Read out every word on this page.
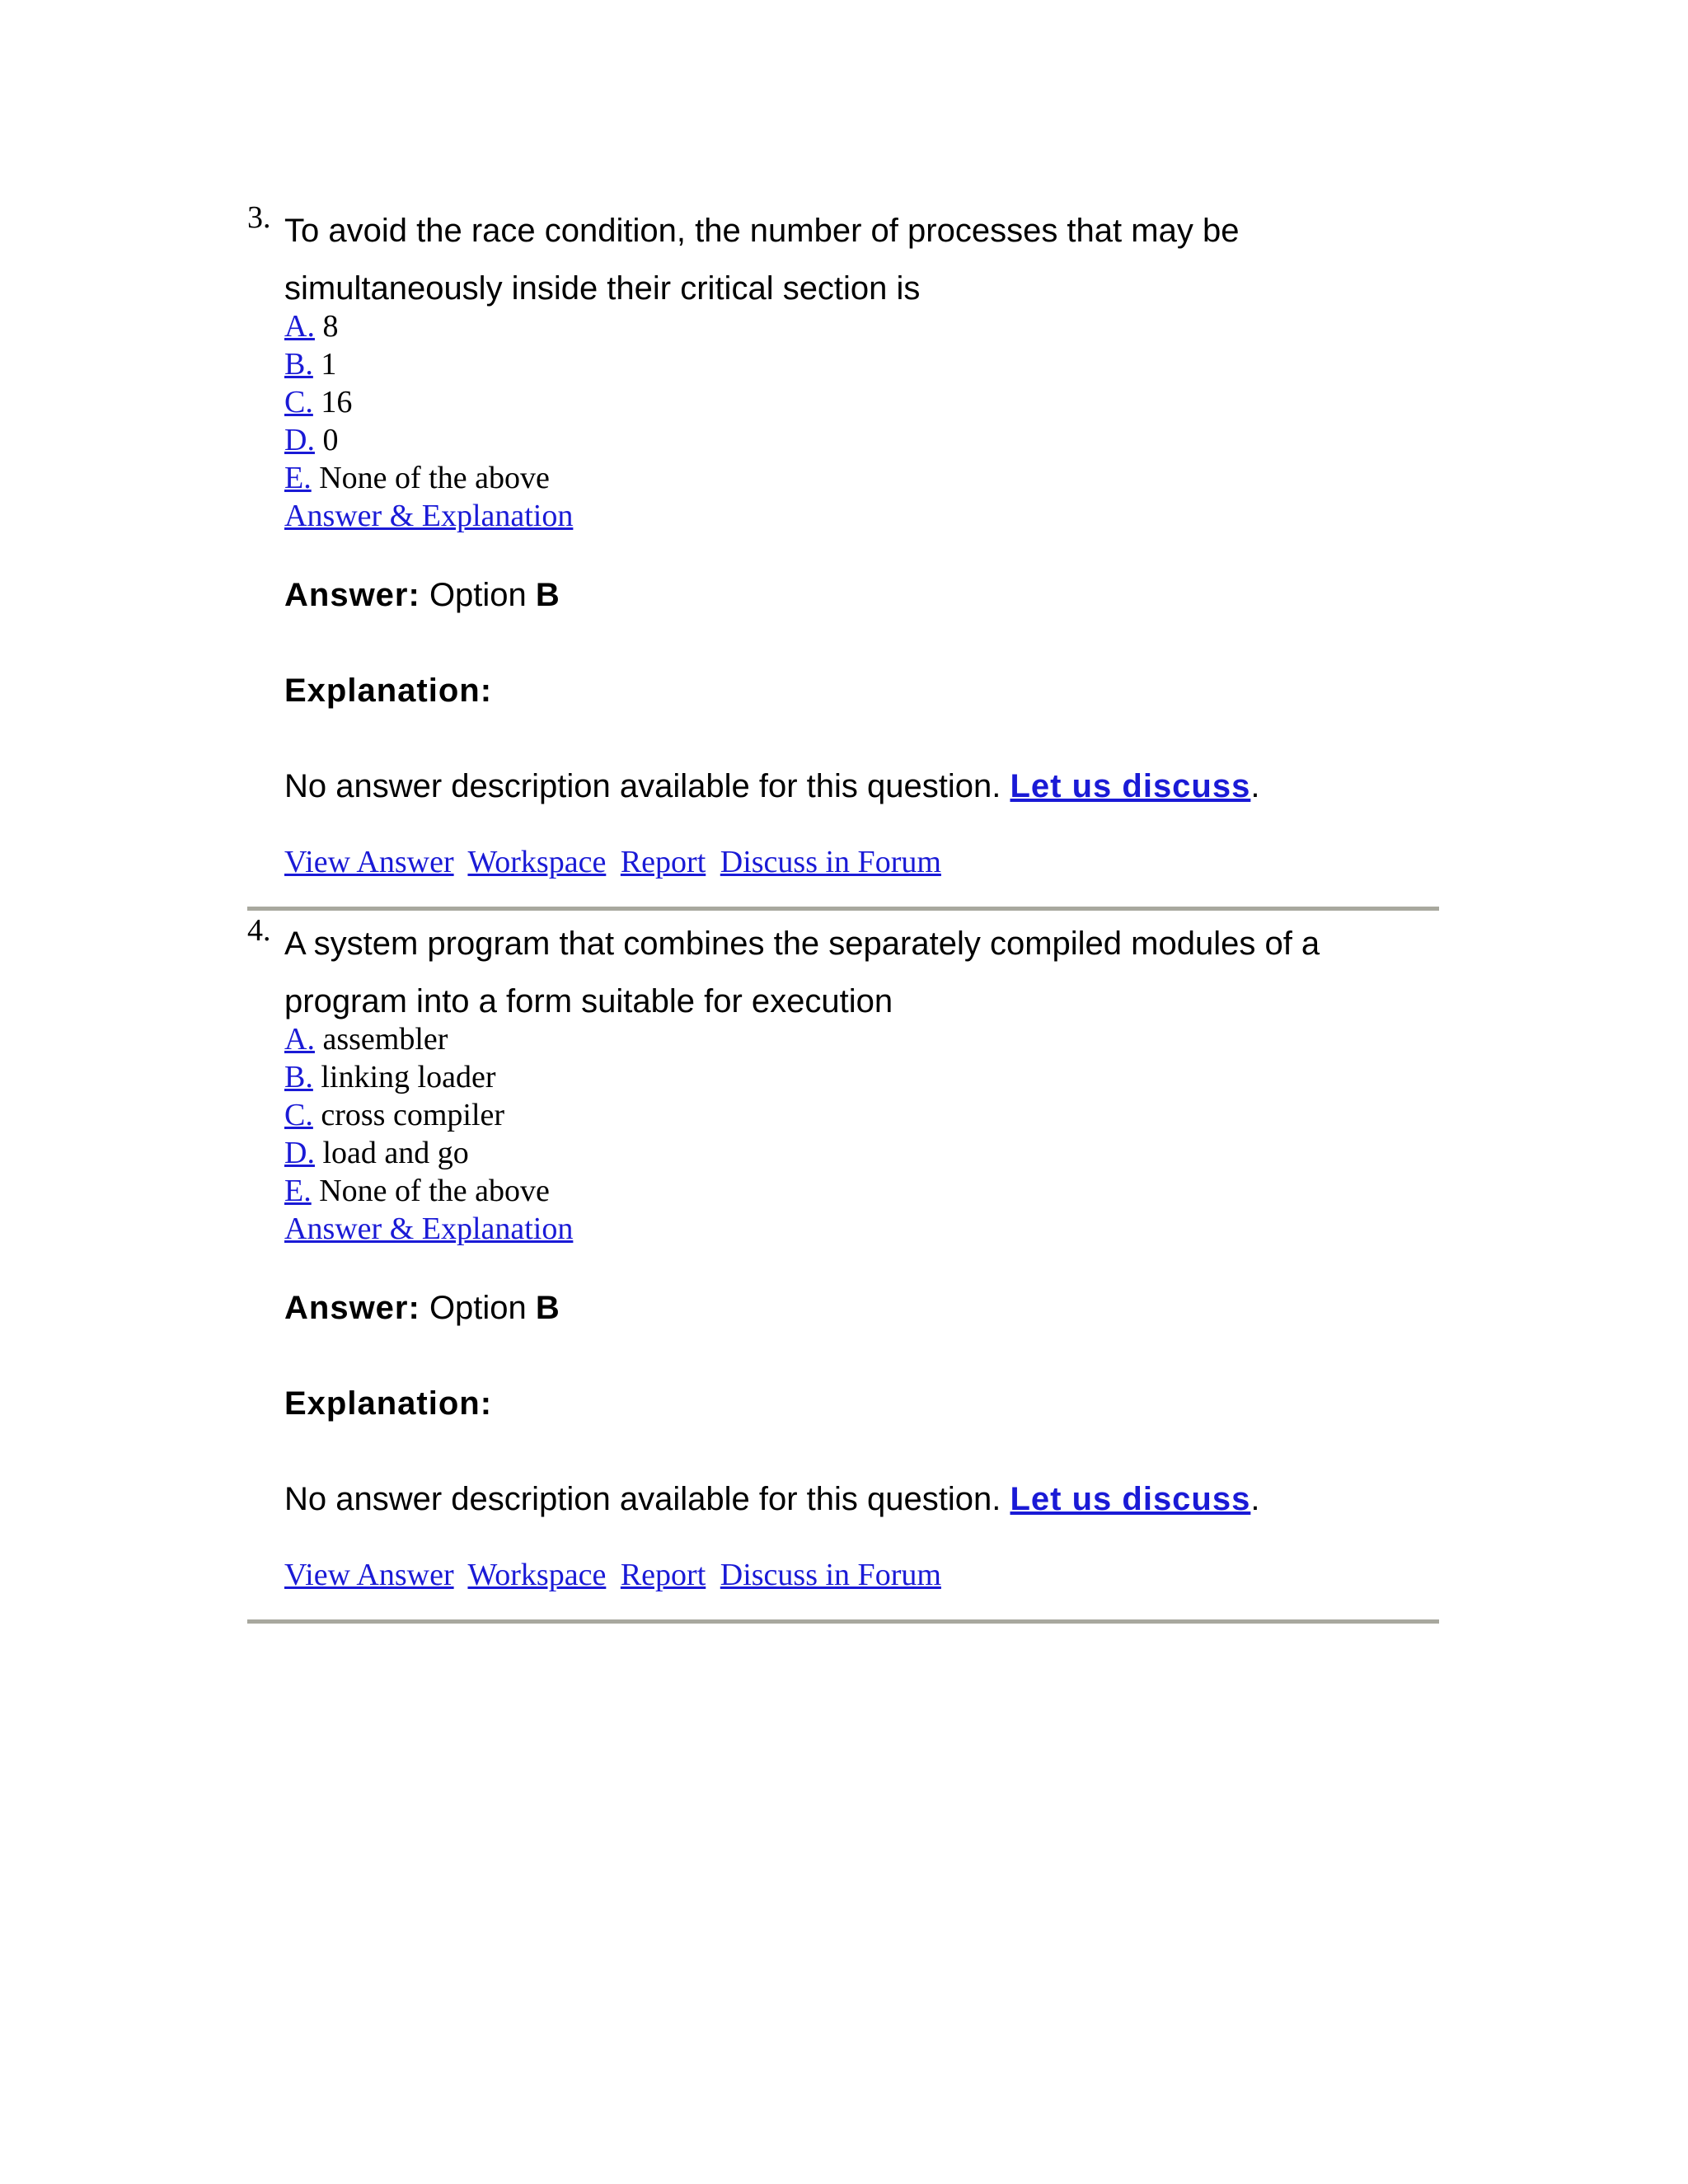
3. To avoid the race condition, the number of processes that may be
simultaneously inside their critical section is

A. 8
B. 1
C. 16
D. 0
E. None of the above
Answer & Explanation
Answer: Option B
Explanation:
No answer description available for this question. Let us discuss.
View Answer Workspace Report Discuss in Forum
4. A system program that combines the separately compiled modules of a
program into a form suitable for execution

A. assembler
B. linking loader
C. cross compiler
D. load and go
E. None of the above
Answer & Explanation
Answer: Option B
Explanation:
No answer description available for this question. Let us discuss.
View Answer Workspace Report Discuss in Forum
